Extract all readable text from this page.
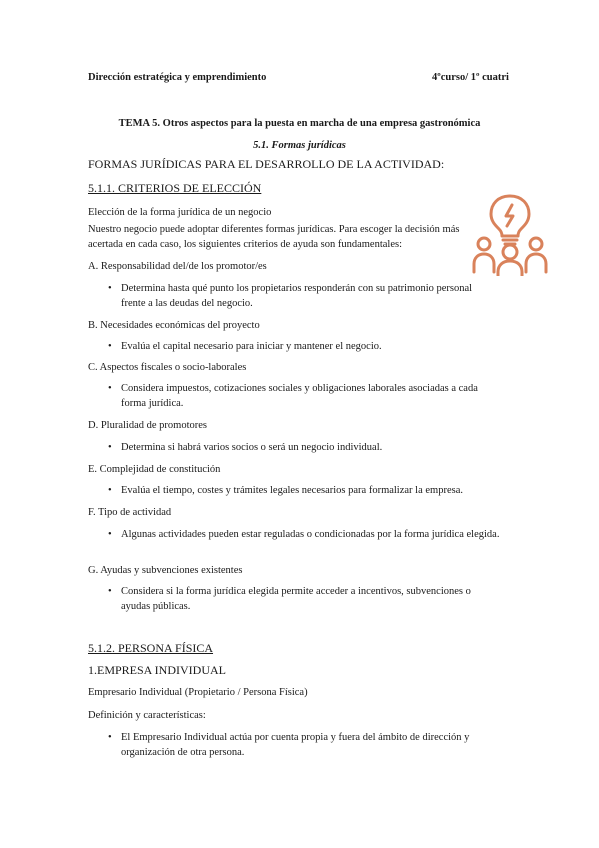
Dirección estratégica y emprendimiento	4ºcurso/ 1º cuatri
TEMA 5. Otros aspectos para la puesta en marcha de una empresa gastronómica
5.1. Formas jurídicas
FORMAS JURÍDICAS PARA EL DESARROLLO DE LA ACTIVIDAD:
5.1.1. CRITERIOS DE ELECCIÓN
Elección de la forma jurídica de un negocio
Nuestro negocio puede adoptar diferentes formas jurídicas. Para escoger la decisión más acertada en cada caso, los siguientes criterios de ayuda son fundamentales:
A. Responsabilidad del/de los promotor/es
• Determina hasta qué punto los propietarios responderán con su patrimonio personal frente a las deudas del negocio.
B. Necesidades económicas del proyecto
• Evalúa el capital necesario para iniciar y mantener el negocio.
C. Aspectos fiscales o socio-laborales
• Considera impuestos, cotizaciones sociales y obligaciones laborales asociadas a cada forma jurídica.
D. Pluralidad de promotores
• Determina si habrá varios socios o será un negocio individual.
E. Complejidad de constitución
• Evalúa el tiempo, costes y trámites legales necesarios para formalizar la empresa.
F. Tipo de actividad
• Algunas actividades pueden estar reguladas o condicionadas por la forma jurídica elegida.
G. Ayudas y subvenciones existentes
• Considera si la forma jurídica elegida permite acceder a incentivos, subvenciones o ayudas públicas.
5.1.2. PERSONA FÍSICA
1.EMPRESA INDIVIDUAL
Empresario Individual (Propietario / Persona Física)
Definición y características:
• El Empresario Individual actúa por cuenta propia y fuera del ámbito de dirección y organización de otra persona.
